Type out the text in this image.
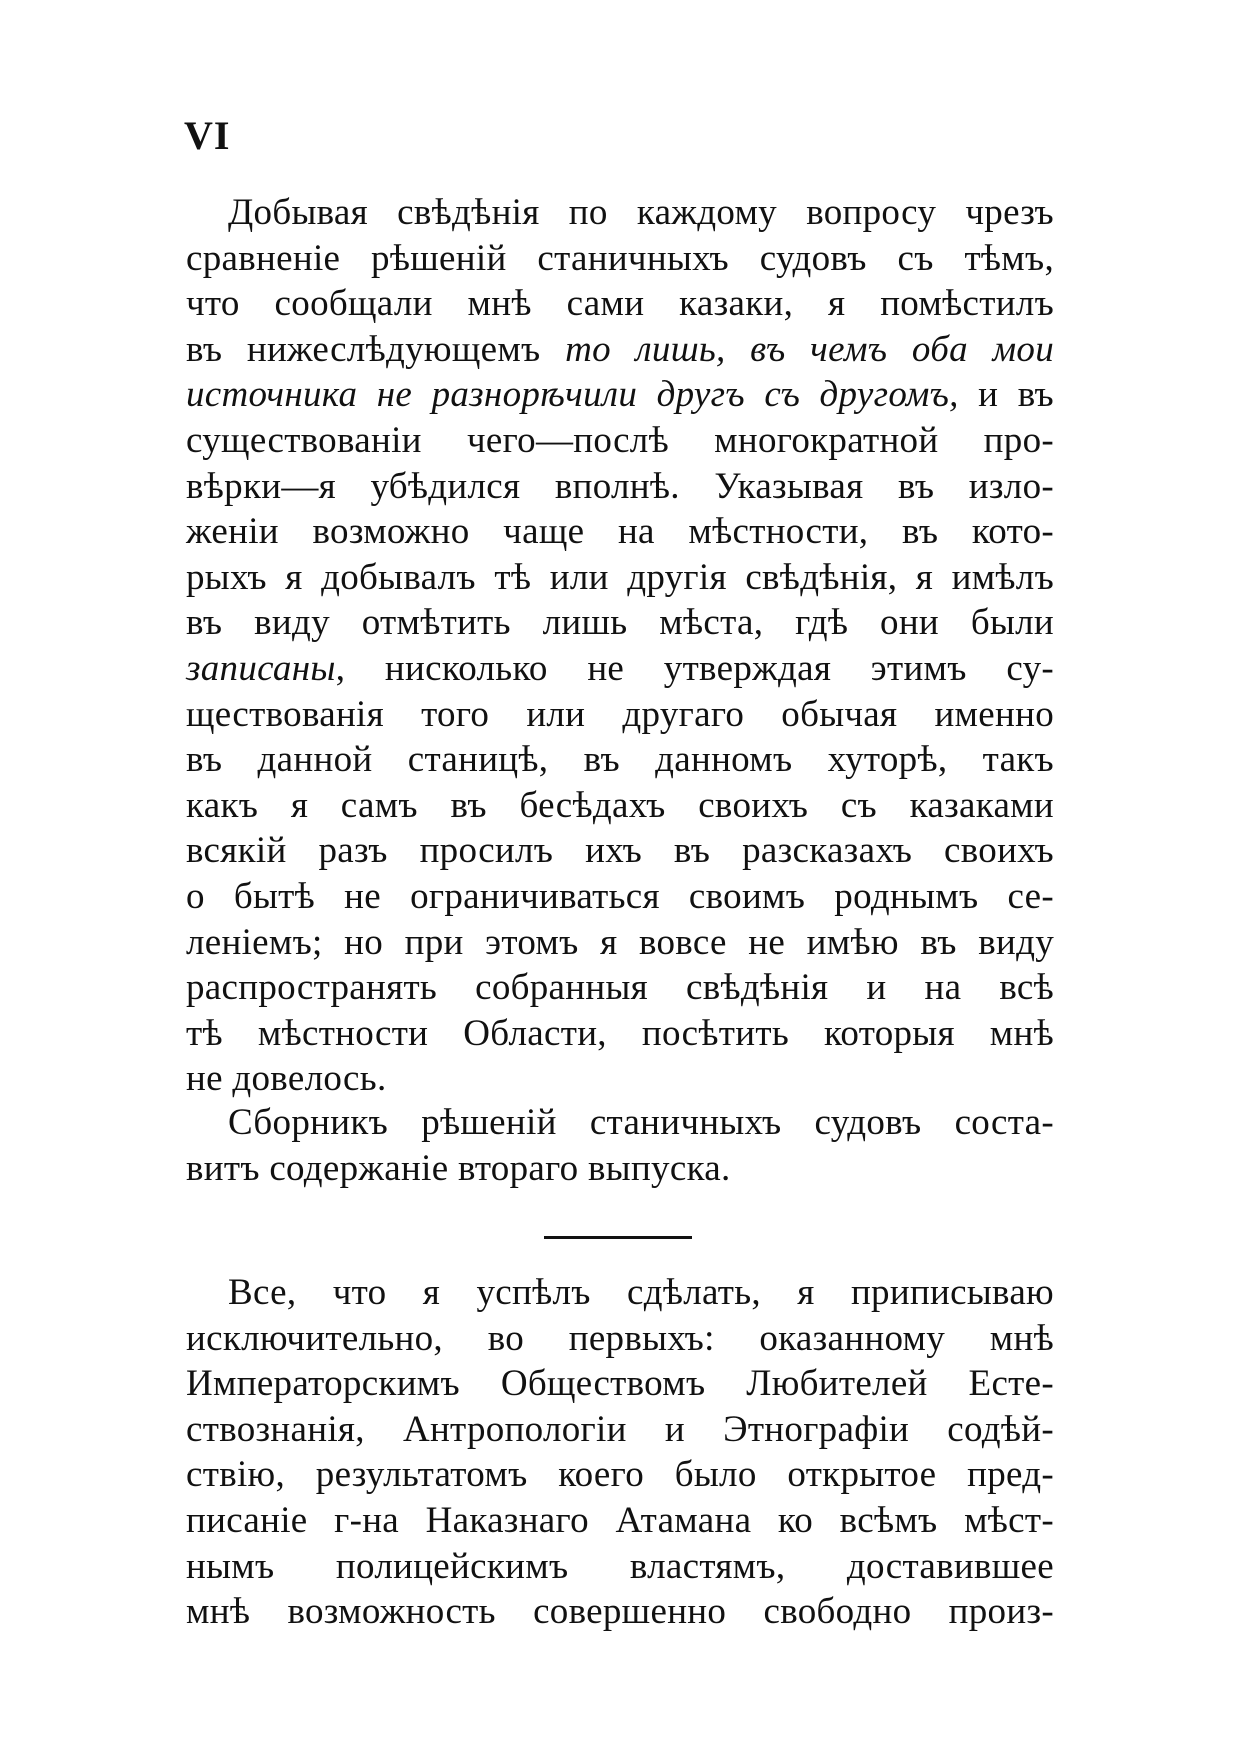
VI
Добывая свѣдѣнія по каждому вопросу чрезъ
сравненіе рѣшеній станичныхъ судовъ съ тѣмъ,
что сообщали мнѣ сами казаки, я помѣстилъ
въ нижеслѣдующемъ то лишь, въ чемъ оба мои
источника не разнорѣчили другъ съ другомъ, и въ
существованіи чего—послѣ многократной про-
вѣрки—я убѣдился вполнѣ. Указывая въ изло-
женіи возможно чаще на мѣстности, въ кото-
рыхъ я добывалъ тѣ или другія свѣдѣнія, я имѣлъ
въ виду отмѣтить лишь мѣста, гдѣ они были
записаны, нисколько не утверждая этимъ су-
ществованія того или другаго обычая именно
въ данной станицѣ, въ данномъ хуторѣ, такъ
какъ я самъ въ бесѣдахъ своихъ съ казаками
всякій разъ просилъ ихъ въ разсказахъ своихъ
о бытѣ не ограничиваться своимъ роднымъ се-
леніемъ; но при этомъ я вовсе не имѣю въ виду
распространять собранныя свѣдѣнія и на всѣ
тѣ мѣстности Области, посѣтить которыя мнѣ
не довелось.
Сборникъ рѣшеній станичныхъ судовъ соста-
витъ содержаніе втораго выпуска.
Все, что я успѣлъ сдѣлать, я приписываю
исключительно, во первыхъ: оказанному мнѣ
Императорскимъ Обществомъ Любителей Есте-
ствознанія, Антропологіи и Этнографіи содѣй-
ствію, результатомъ коего было открытое пред-
писаніе г-на Наказнаго Атамана ко всѣмъ мѣст-
нымъ полицейскимъ властямъ, доставившее
мнѣ возможность совершенно свободно произ-
